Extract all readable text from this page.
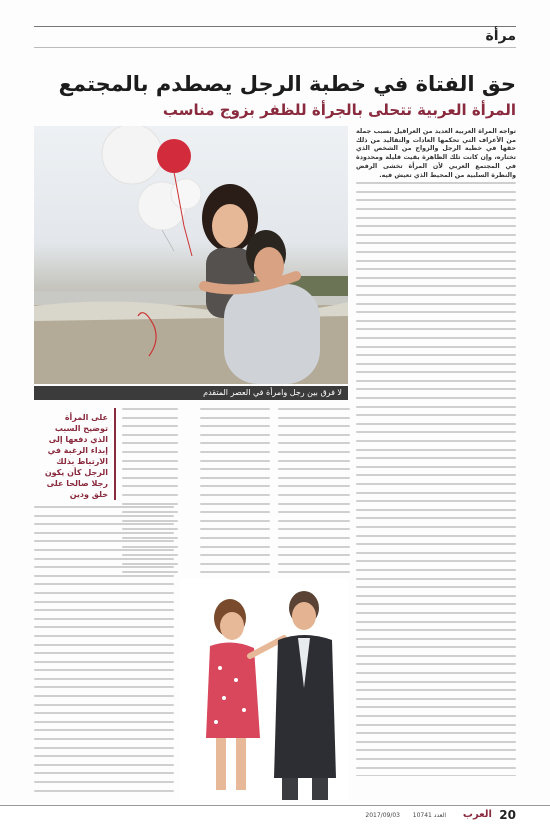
مرأة
حق الفتاة في خطبة الرجل يصطدم بالمجتمع
المرأة العربية تتحلى بالجرأة للظفر بزوج مناسب
لا فرق بين رجل وامرأة في العصر المتقدم

تواجه المرأة العربية العديد من العراقيل بسبب جملة من الأعراف التي تحكمها العادات والتقاليد من ذلك حقها في خطبة الرجل والزواج من الشخص الذي تختاره، وإن كانت تلك الظاهرة بقيت قليلة ومحدودة في المجتمع العربي لأن المرأة تخشى الرفض والنظرة السلبية من المحيط الذي تعيش فيه.

على المرأة توضيح السبب الذي دفعها إلى إبداء الرغبة في الارتباط بذلك الرجل كأن يكون رجلا صالحا على خلق ودين
20
العرب
العدد 10741
2017/09/03
